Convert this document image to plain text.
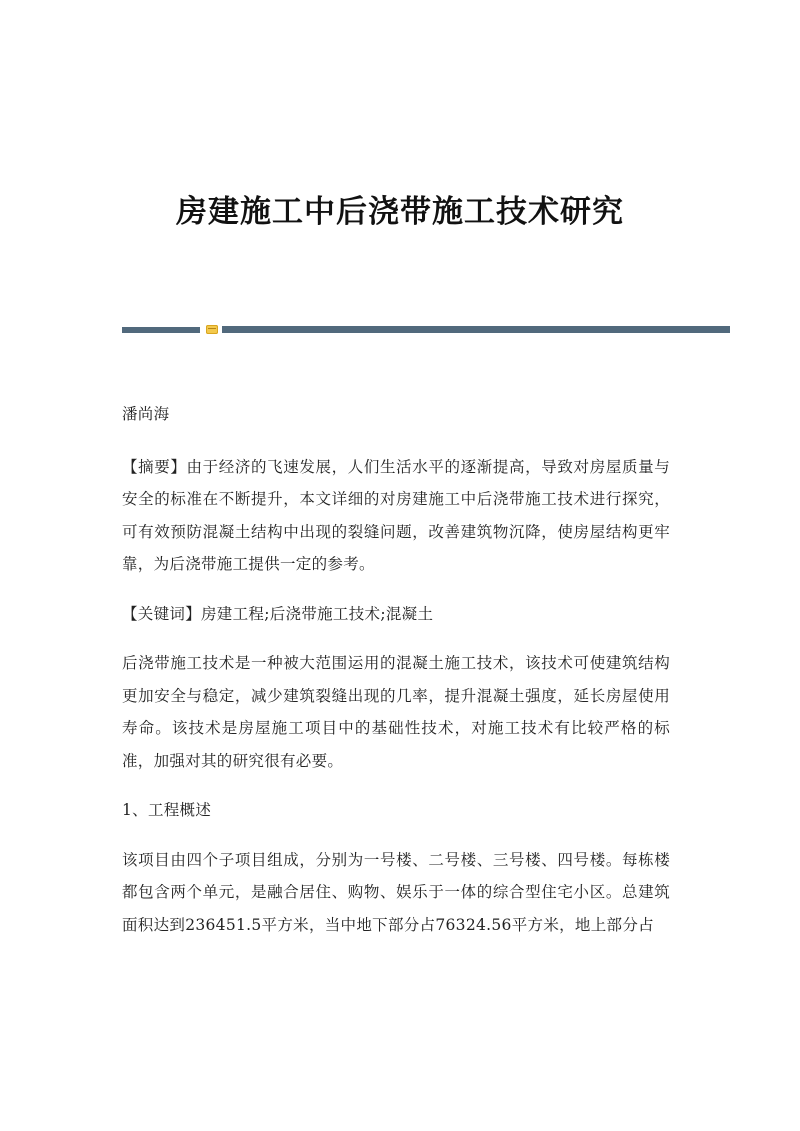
房建施工中后浇带施工技术研究

潘尚海

【摘要】由于经济的飞速发展，人们生活水平的逐渐提高，导致对房屋质量与安全的标准在不断提升，本文详细的对房建施工中后浇带施工技术进行探究，可有效预防混凝土结构中出现的裂缝问题，改善建筑物沉降，使房屋结构更牢靠，为后浇带施工提供一定的参考。

【关键词】房建工程;后浇带施工技术;混凝土

后浇带施工技术是一种被大范围运用的混凝土施工技术，该技术可使建筑结构更加安全与稳定，减少建筑裂缝出现的几率，提升混凝土强度，延长房屋使用寿命。该技术是房屋施工项目中的基础性技术，对施工技术有比较严格的标准，加强对其的研究很有必要。

1、工程概述

该项目由四个子项目组成，分别为一号楼、二号楼、三号楼、四号楼。每栋楼都包含两个单元，是融合居住、购物、娱乐于一体的综合型住宅小区。总建筑面积达到236451.5平方米，当中地下部分占76324.56平方米，地上部分占
